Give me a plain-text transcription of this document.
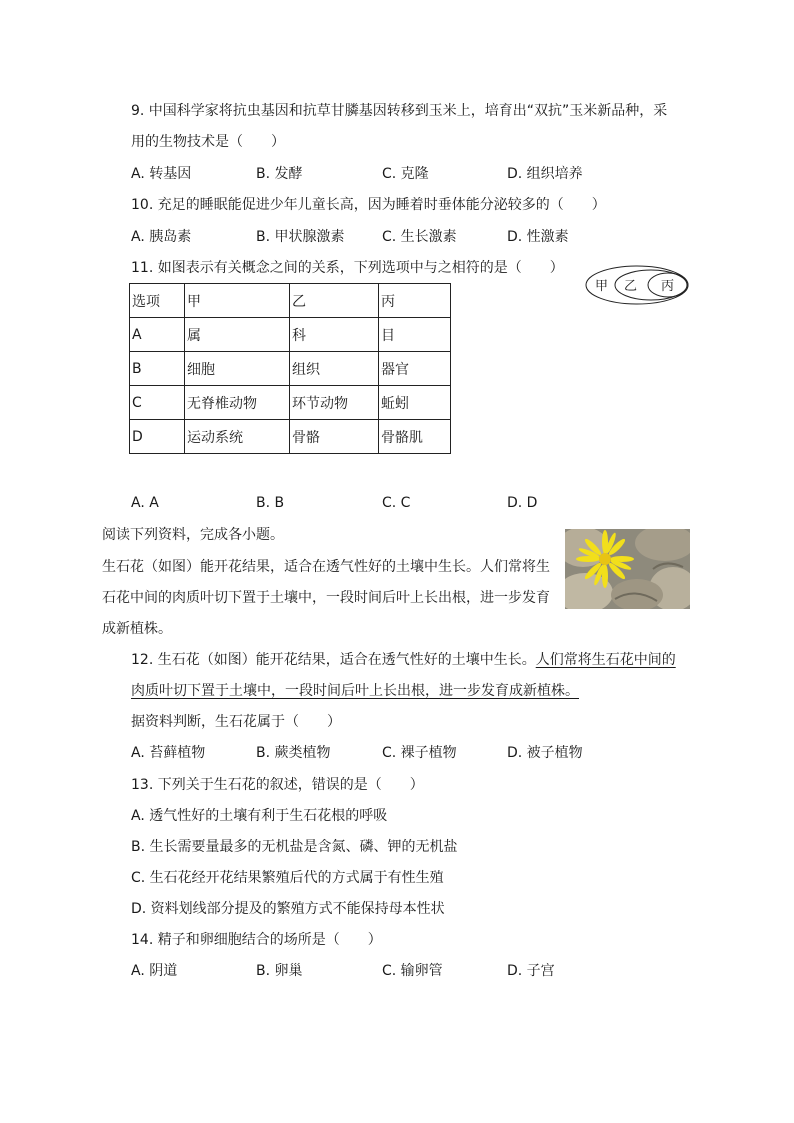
9. 中国科学家将抗虫基因和抗草甘膦基因转移到玉米上，培育出“双抗”玉米新品种，采
用的生物技术是（　　）
A. 转基因	B. 发酵	C. 克隆	D. 组织培养
10. 充足的睡眠能促进少年儿童长高，因为睡着时垂体能分泌较多的（　　）
A. 胰岛素	B. 甲状腺激素	C. 生长激素	D. 性激素
11. 如图表示有关概念之间的关系，下列选项中与之相符的是（　　）
甲 乙 丙
选项	甲	乙	丙
A	属	科	目
B	细胞	组织	器官
C	无脊椎动物	环节动物	蚯蚓
D	运动系统	骨骼	骨骼肌
A. A	B. B	C. C	D. D
阅读下列资料，完成各小题。
生石花（如图）能开花结果，适合在透气性好的土壤中生长。人们常将生
石花中间的肉质叶切下置于土壤中，一段时间后叶上长出根，进一步发育
成新植株。
12. 生石花（如图）能开花结果，适合在透气性好的土壤中生长。人们常将生石花中间的
肉质叶切下置于土壤中，一段时间后叶上长出根，进一步发育成新植株。
据资料判断，生石花属于（　　）
A. 苔藓植物	B. 蕨类植物	C. 裸子植物	D. 被子植物
13. 下列关于生石花的叙述，错误的是（　　）
A. 透气性好的土壤有利于生石花根的呼吸
B. 生长需要量最多的无机盐是含氮、磷、钾的无机盐
C. 生石花经开花结果繁殖后代的方式属于有性生殖
D. 资料划线部分提及的繁殖方式不能保持母本性状
14. 精子和卵细胞结合的场所是（　　）
A. 阴道	B. 卵巢	C. 输卵管	D. 子宫
